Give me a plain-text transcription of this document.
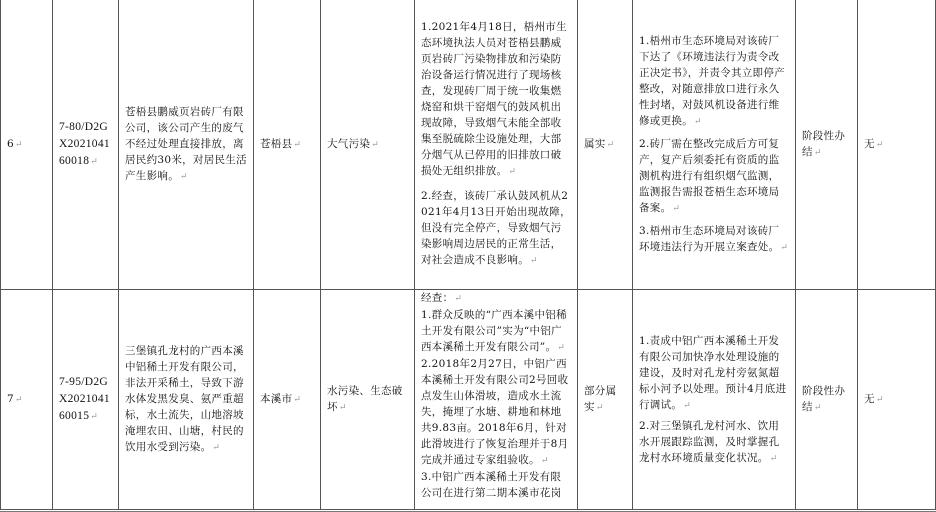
6↵	7-80/D2GX202104160018↵	苍梧县鹏威页岩砖厂有限公司，该公司产生的废气不经过处理直接排放，离居民约30米，对居民生活产生影响。↵	苍梧县↵	大气污染↵	1.2021年4月18日，梧州市生态环境执法人员对苍梧县鹏威页岩砖厂污染物排放和污染防治设备运行情况进行了现场核查，发现砖厂周于统一收集燃烧窑和烘干窑烟气的鼓风机出现故障，导致烟气未能全部收集至脱硫除尘设施处理，大部分烟气从已停用的旧排放口破损处无组织排放。↵
2.经查，该砖厂承认鼓风机从2021年4月13日开始出现故障，但没有完全停产，导致烟气污染影响周边居民的正常生活，对社会造成不良影响。↵	属实↵	1.梧州市生态环境局对该砖厂下达了《环境违法行为责令改正决定书》，并责令其立即停产整改，对随意排放口进行永久性封堵，对鼓风机设备进行维修或更换。↵
2.砖厂需在整改完成后方可复产，复产后须委托有资质的监测机构进行有组织烟气监测，监测报告需报苍梧生态环境局备案。↵
3.梧州市生态环境局对该砖厂环境违法行为开展立案查处。↵	阶段性办结↵	无↵
7↵	7-95/D2GX202104160015↵	三堡镇孔龙村的广西本溪中铝稀土开发有限公司，非法开采稀土，导致下游水体发黑发臭、氨严重超标，水土流失，山地溶坡淹埋农田、山塘，村民的饮用水受到污染。↵	本溪市↵	水污染、生态破坏↵	经查：↵
1.群众反映的“广西本溪中铝稀土开发有限公司”实为“中铝广西本溪稀土开发有限公司”。↵
2.2018年2月27日，中铝广西本溪稀土开发有限公司2号回收点发生山体滑坡，造成水土流失，掩埋了水塘、耕地和林地共9.83亩。2018年6月，针对此滑坡进行了恢复治理并于8月完成并通过专家组验收。↵
3.中铝广西本溪稀土开发有限公司在进行第二期本溪市花岗	部分属实↵	1.责成中铝广西本溪稀土开发有限公司加快净水处理设施的建设，及时对孔龙村旁氨氮超标小河予以处理。预计4月底进行调试。↵
2.对三堡镇孔龙村河水、饮用水开展跟踪监测，及时掌握孔龙村水环境质量变化状况。↵	阶段性办结↵	无↵
